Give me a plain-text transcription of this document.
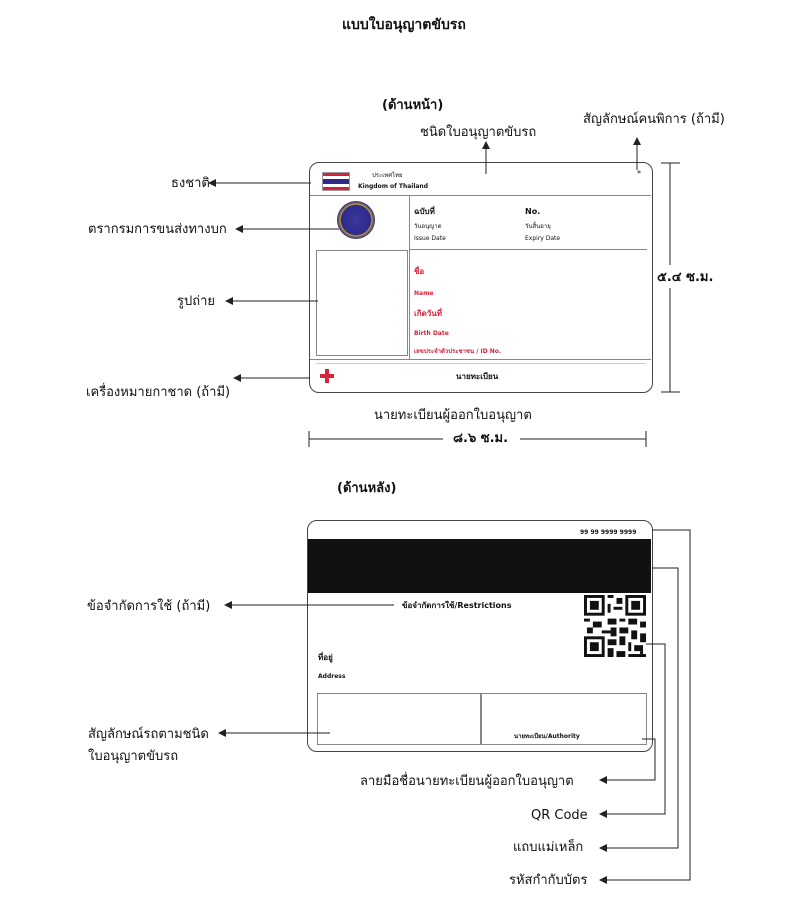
แบบใบอนุญาตขับรถ
(ด้านหน้า)
ชนิดใบอนุญาตขับรถ
สัญลักษณ์คนพิการ (ถ้ามี)
ธงชาติ
ตรากรมการขนส่งทางบก
รูปถ่าย
เครื่องหมายกาชาด (ถ้ามี)
นายทะเบียนผู้ออกใบอนุญาต
๕.๔ ซ.ม.
๘.๖ ซ.ม.
ประเทศไทย
Kingdom of Thailand
*
ฉบับที่	No.
วันอนุญาต
Issue Date
วันสิ้นอายุ
Expiry Date
ชื่อ
Name
เกิดวันที่
Birth Date
เลขประจำตัวประชาชน / ID No.
นายทะเบียน
(ด้านหลัง)
99 99 9999 9999
ข้อจำกัดการใช้/Restrictions
ที่อยู่
Address
นายทะเบียน/Authority
ข้อจำกัดการใช้ (ถ้ามี)
สัญลักษณ์รถตามชนิด
ใบอนุญาตขับรถ
ลายมือชื่อนายทะเบียนผู้ออกใบอนุญาต
QR Code
แถบแม่เหล็ก
รหัสกำกับบัตร
